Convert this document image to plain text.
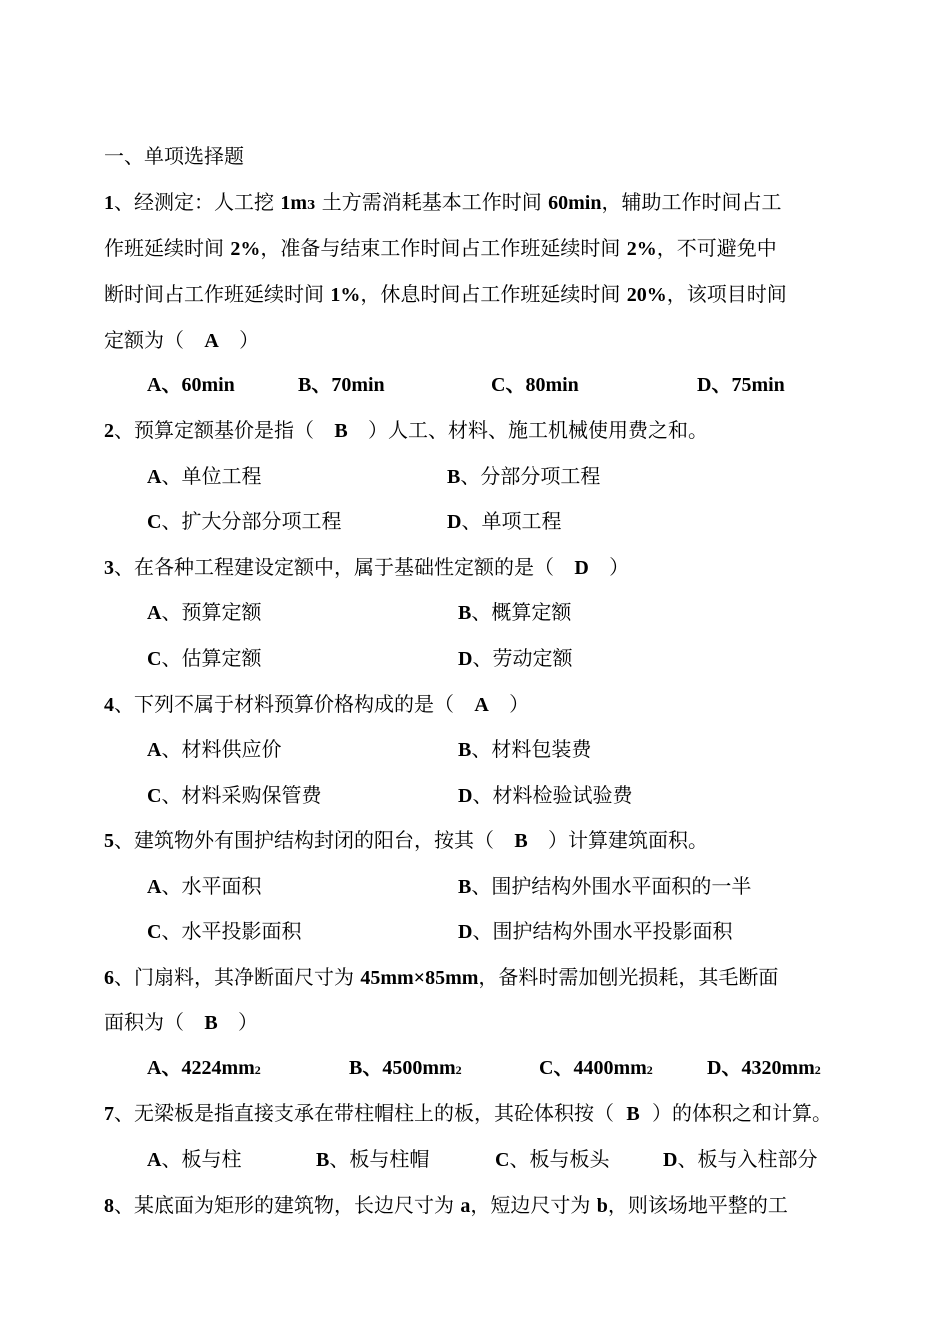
一、单项选择题
1、经测定：人工挖 1m3 土方需消耗基本工作时间 60min，辅助工作时间占工
作班延续时间 2%，准备与结束工作时间占工作班延续时间 2%，不可避免中
断时间占工作班延续时间 1%，休息时间占工作班延续时间 20%，该项目时间
定额为（ A ）
A、60min	B、70min	C、80min	D、75min
2、预算定额基价是指（ B ）人工、材料、施工机械使用费之和。
A、单位工程	B、分部分项工程
C、扩大分部分项工程	D、单项工程
3、在各种工程建设定额中，属于基础性定额的是（ D ）
A、预算定额	B、概算定额
C、估算定额	D、劳动定额
4、下列不属于材料预算价格构成的是（ A ）
A、材料供应价	B、材料包装费
C、材料采购保管费	D、材料检验试验费
5、建筑物外有围护结构封闭的阳台，按其（ B ）计算建筑面积。
A、水平面积	B、围护结构外围水平面积的一半
C、水平投影面积	D、围护结构外围水平投影面积
6、门扇料，其净断面尺寸为 45mm×85mm，备料时需加刨光损耗，其毛断面
面积为（ B ）
A、4224mm2	B、4500mm2	C、4400mm2	D、4320mm2
7、无梁板是指直接支承在带柱帽柱上的板，其砼体积按（ B ）的体积之和计算。
A、板与柱	B、板与柱帽	C、板与板头	D、板与入柱部分
8、某底面为矩形的建筑物，长边尺寸为 a，短边尺寸为 b，则该场地平整的工
